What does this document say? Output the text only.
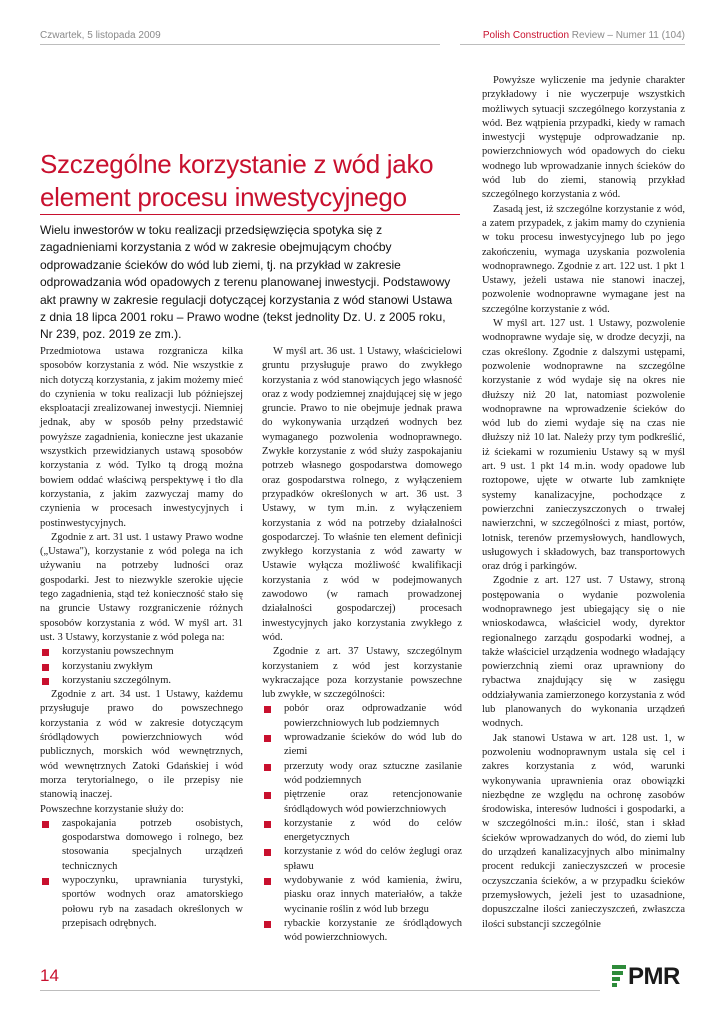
Czwartek, 5 listopada 2009	Polish Construction Review – Numer 11 (104)
Szczególne korzystanie z wód jako element procesu inwestycyjnego

Wielu inwestorów w toku realizacji przedsięwzięcia spotyka się z zagadnieniami korzystania z wód w zakresie obejmującym choćby odprowadzanie ścieków do wód lub ziemi, tj. na przykład w zakresie odprowadzania wód opadowych z terenu planowanej inwestycji. Podstawowy akt prawny w zakresie regulacji dotyczącej korzystania z wód stanowi Ustawa z dnia 18 lipca 2001 roku – Prawo wodne (tekst jednolity Dz. U. z 2005 roku, Nr 239, poz. 2019 ze zm.).

Przedmiotowa ustawa rozgranicza kilka sposobów korzystania z wód. Nie wszystkie z nich dotyczą korzystania, z jakim możemy mieć do czynienia w toku realizacji lub późniejszej eksploatacji zrealizowanej inwestycji. Niemniej jednak, aby w sposób pełny przedstawić powyższe zagadnienia, konieczne jest ukazanie wszystkich przewidzianych ustawą sposobów korzystania z wód. Tylko tą drogą można bowiem oddać właściwą perspektywę i tło dla korzystania, z jakim zazwyczaj mamy do czynienia w procesach inwestycyjnych i postinwestycyjnych.

Zgodnie z art. 31 ust. 1 ustawy Prawo wodne („Ustawa"), korzystanie z wód polega na ich używaniu na potrzeby ludności oraz gospodarki. Jest to niezwykle szerokie ujęcie tego zagadnienia, stąd też konieczność stało się na gruncie Ustawy rozgraniczenie różnych sposobów korzystania z wód. W myśl art. 31 ust. 3 Ustawy, korzystanie z wód polega na:

korzystaniu powszechnym
korzystaniu zwykłym
korzystaniu szczególnym.

Zgodnie z art. 34 ust. 1 Ustawy, każdemu przysługuje prawo do powszechnego korzystania z wód w zakresie dotyczącym śródlądowych powierzchniowych wód publicznych, morskich wód wewnętrznych, wód wewnętrznych Zatoki Gdańskiej i wód morza terytorialnego, o ile przepisy nie stanowią inaczej.

Powszechne korzystanie służy do:

zaspokajania potrzeb osobistych, gospodarstwa domowego i rolnego, bez stosowania specjalnych urządzeń technicznych
wypoczynku, uprawniania turystyki, sportów wodnych oraz amatorskiego połowu ryb na zasadach określonych w przepisach odrębnych.

W myśl art. 36 ust. 1 Ustawy, właścicielowi gruntu przysługuje prawo do zwykłego korzystania z wód stanowiących jego własność oraz z wody podziemnej znajdującej się w jego gruncie. Prawo to nie obejmuje jednak prawa do wykonywania urządzeń wodnych bez wymaganego pozwolenia wodnoprawnego. Zwykłe korzystanie z wód służy zaspokajaniu potrzeb własnego gospodarstwa domowego oraz gospodarstwa rolnego, z wyłączeniem przypadków określonych w art. 36 ust. 3 Ustawy, w tym m.in. z wyłączeniem korzystania z wód na potrzeby działalności gospodarczej. To właśnie ten element definicji zwykłego korzystania z wód zawarty w Ustawie wyłącza możliwość kwalifikacji korzystania z wód w podejmowanych zawodowo (w ramach prowadzonej działalności gospodarczej) procesach inwestycyjnych jako korzystania zwykłego z wód.

Zgodnie z art. 37 Ustawy, szczególnym korzystaniem z wód jest korzystanie wykraczające poza korzystanie powszechne lub zwykłe, w szczególności:

pobór oraz odprowadzanie wód powierzchniowych lub podziemnych
wprowadzanie ścieków do wód lub do ziemi
przerzuty wody oraz sztuczne zasilanie wód podziemnych
piętrzenie oraz retencjonowanie śródlądowych wód powierzchniowych
korzystanie z wód do celów energetycznych
korzystanie z wód do celów żeglugi oraz spławu
wydobywanie z wód kamienia, żwiru, piasku oraz innych materiałów, a także wycinanie roślin z wód lub brzegu
rybackie korzystanie ze śródlądowych wód powierzchniowych.

Powyższe wyliczenie ma jedynie charakter przykładowy i nie wyczerpuje wszystkich możliwych sytuacji szczególnego korzystania z wód. Bez wątpienia przypadki, kiedy w ramach inwestycji występuje odprowadzanie np. powierzchniowych wód opadowych do cieku wodnego lub wprowadzanie innych ścieków do wód lub do ziemi, stanowią przykład szczególnego korzystania z wód.

Zasadą jest, iż szczególne korzystanie z wód, a zatem przypadek, z jakim mamy do czynienia w toku procesu inwestycyjnego lub po jego zakończeniu, wymaga uzyskania pozwolenia wodnoprawnego. Zgodnie z art. 122 ust. 1 pkt 1 Ustawy, jeżeli ustawa nie stanowi inaczej, pozwolenie wodnoprawne wymagane jest na szczególne korzystanie z wód.

W myśl art. 127 ust. 1 Ustawy, pozwolenie wodnoprawne wydaje się, w drodze decyzji, na czas określony. Zgodnie z dalszymi ustępami, pozwolenie wodnoprawne na szczególne korzystanie z wód wydaje się na okres nie dłuższy niż 20 lat, natomiast pozwolenie wodnoprawne na wprowadzenie ścieków do wód lub do ziemi wydaje się na czas nie dłuższy niż 10 lat. Należy przy tym podkreślić, iż ściekami w rozumieniu Ustawy są w myśl art. 9 ust. 1 pkt 14 m.in. wody opadowe lub roztopowe, ujęte w otwarte lub zamknięte systemy kanalizacyjne, pochodzące z powierzchni zanieczyszczonych o trwałej nawierzchni, w szczególności z miast, portów, lotnisk, terenów przemysłowych, handlowych, usługowych i składowych, baz transportowych oraz dróg i parkingów.

Zgodnie z art. 127 ust. 7 Ustawy, stroną postępowania o wydanie pozwolenia wodnoprawnego jest ubiegający się o nie wnioskodawca, właściciel wody, dyrektor regionalnego zarządu gospodarki wodnej, a także właściciel urządzenia wodnego władający powierzchnią ziemi oraz uprawniony do rybactwa znajdujący się w zasięgu oddziaływania zamierzonego korzystania z wód lub planowanych do wykonania urządzeń wodnych.

Jak stanowi Ustawa w art. 128 ust. 1, w pozwoleniu wodnoprawnym ustala się cel i zakres korzystania z wód, warunki wykonywania uprawnienia oraz obowiązki niezbędne ze względu na ochronę zasobów środowiska, interesów ludności i gospodarki, a w szczególności m.in.: ilość, stan i skład ścieków wprowadzanych do wód, do ziemi lub do urządzeń kanalizacyjnych albo minimalny procent redukcji zanieczyszczeń w procesie oczyszczania ścieków, a w przypadku ścieków przemysłowych, jeżeli jest to uzasadnione, dopuszczalne ilości zanieczyszczeń, zwłaszcza ilości substancji szczególnie

14	PMR
